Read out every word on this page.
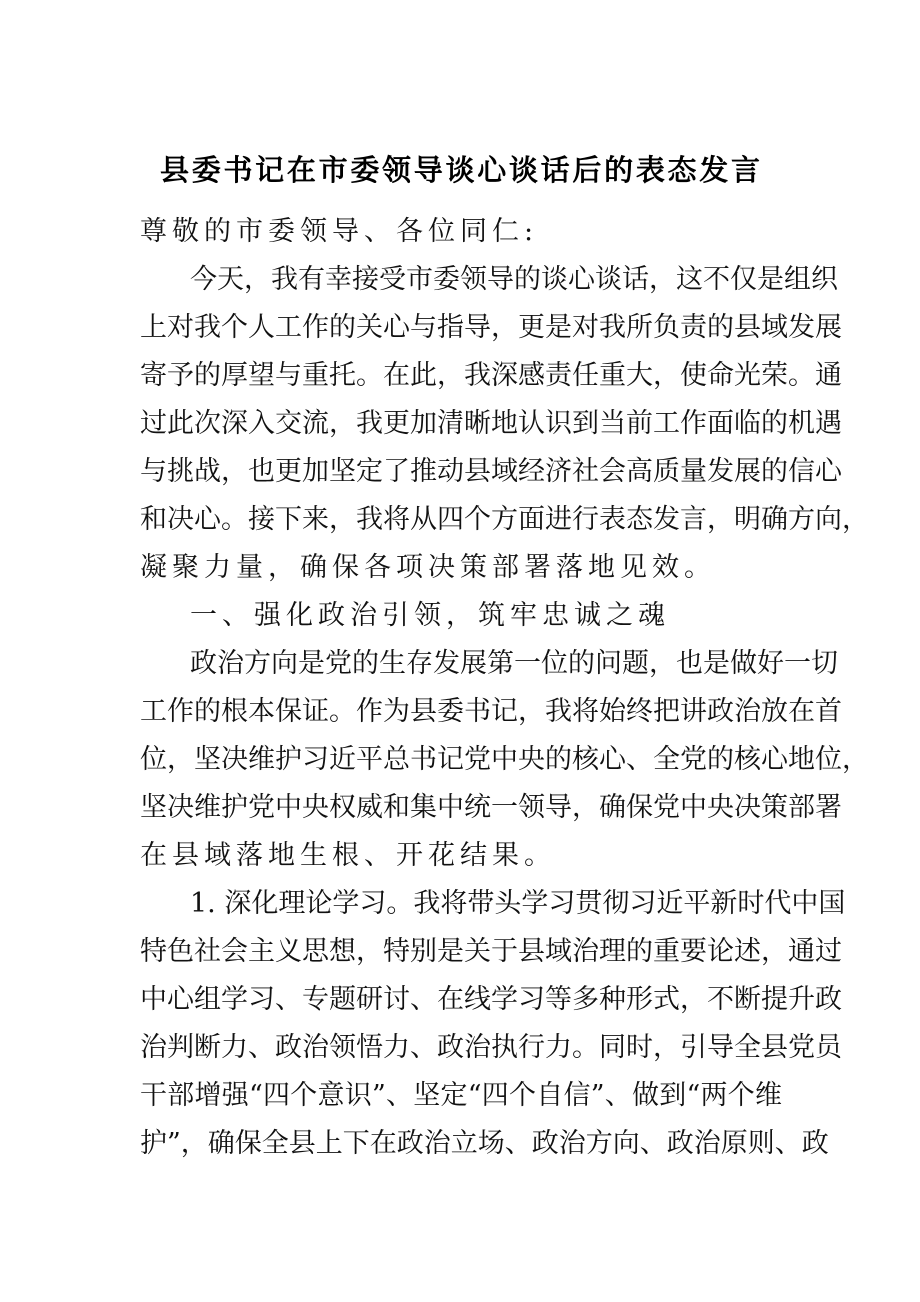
县委书记在市委领导谈心谈话后的表态发言
尊敬的市委领导、各位同仁:
今天，我有幸接受市委领导的谈心谈话，这不仅是组织
上对我个人工作的关心与指导，更是对我所负责的县域发展
寄予的厚望与重托。在此，我深感责任重大，使命光荣。通
过此次深入交流，我更加清晰地认识到当前工作面临的机遇
与挑战，也更加坚定了推动县域经济社会高质量发展的信心
和决心。接下来，我将从四个方面进行表态发言，明确方向，
凝聚力量，确保各项决策部署落地见效。
一、强化政治引领，筑牢忠诚之魂
政治方向是党的生存发展第一位的问题，也是做好一切
工作的根本保证。作为县委书记，我将始终把讲政治放在首
位，坚决维护习近平总书记党中央的核心、全党的核心地位，
坚决维护党中央权威和集中统一领导，确保党中央决策部署
在县域落地生根、开花结果。
1. 深化理论学习。我将带头学习贯彻习近平新时代中国
特色社会主义思想，特别是关于县域治理的重要论述，通过
中心组学习、专题研讨、在线学习等多种形式，不断提升政
治判断力、政治领悟力、政治执行力。同时，引导全县党员
干部增强“四个意识”、坚定“四个自信”、做到“两个维
护”，确保全县上下在政治立场、政治方向、政治原则、政
